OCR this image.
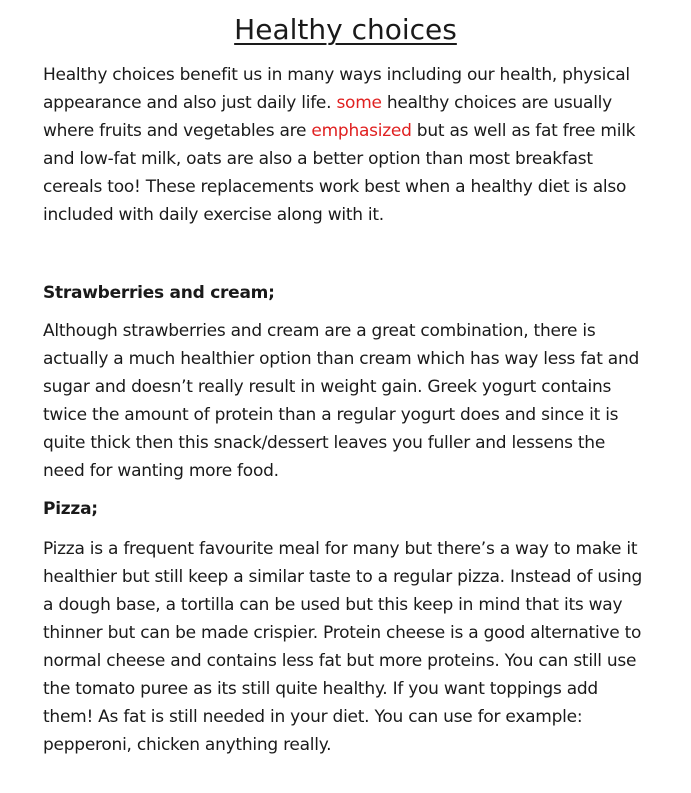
Healthy choices

Healthy choices benefit us in many ways including our health, physical appearance and also just daily life. some healthy choices are usually where fruits and vegetables are emphasized but as well as fat free milk and low-fat milk, oats are also a better option than most breakfast cereals too! These replacements work best when a healthy diet is also included with daily exercise along with it.

Strawberries and cream;

Although strawberries and cream are a great combination, there is actually a much healthier option than cream which has way less fat and sugar and doesn’t really result in weight gain. Greek yogurt contains twice the amount of protein than a regular yogurt does and since it is quite thick then this snack/dessert leaves you fuller and lessens the need for wanting more food.

Pizza;

Pizza is a frequent favourite meal for many but there’s a way to make it healthier but still keep a similar taste to a regular pizza. Instead of using a dough base, a tortilla can be used but this keep in mind that its way thinner but can be made crispier. Protein cheese is a good alternative to normal cheese and contains less fat but more proteins. You can still use the tomato puree as its still quite healthy. If you want toppings add them! As fat is still needed in your diet. You can use for example: pepperoni, chicken anything really.
